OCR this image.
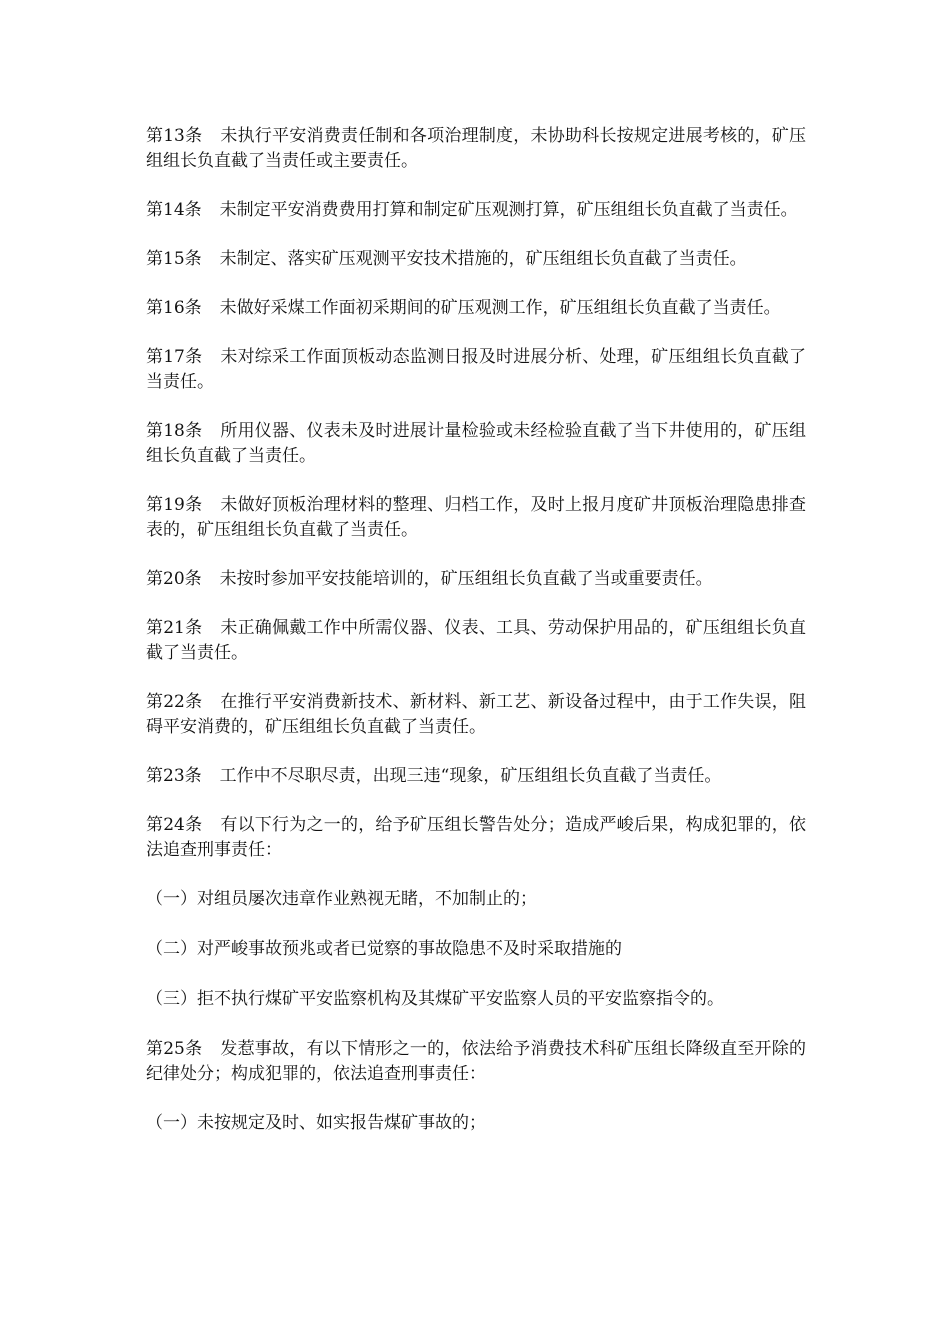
第13条 未执行平安消费责任制和各项治理制度，未协助科长按规定进展考核的，矿压组组长负直截了当责任或主要责任。

第14条 未制定平安消费费用打算和制定矿压观测打算，矿压组组长负直截了当责任。

第15条 未制定、落实矿压观测平安技术措施的，矿压组组长负直截了当责任。

第16条 未做好采煤工作面初采期间的矿压观测工作，矿压组组长负直截了当责任。

第17条 未对综采工作面顶板动态监测日报及时进展分析、处理，矿压组组长负直截了当责任。

第18条 所用仪器、仪表未及时进展计量检验或未经检验直截了当下井使用的，矿压组组长负直截了当责任。

第19条 未做好顶板治理材料的整理、归档工作，及时上报月度矿井顶板治理隐患排查表的，矿压组组长负直截了当责任。

第20条 未按时参加平安技能培训的，矿压组组长负直截了当或重要责任。

第21条 未正确佩戴工作中所需仪器、仪表、工具、劳动保护用品的，矿压组组长负直截了当责任。

第22条 在推行平安消费新技术、新材料、新工艺、新设备过程中，由于工作失误，阻碍平安消费的，矿压组组长负直截了当责任。

第23条 工作中不尽职尽责，出现三违“现象，矿压组组长负直截了当责任。

第24条 有以下行为之一的，给予矿压组长警告处分；造成严峻后果，构成犯罪的，依法追查刑事责任：

（一）对组员屡次违章作业熟视无睹，不加制止的；

（二）对严峻事故预兆或者已觉察的事故隐患不及时采取措施的

（三）拒不执行煤矿平安监察机构及其煤矿平安监察人员的平安监察指令的。

第25条 发惹事故，有以下情形之一的，依法给予消费技术科矿压组长降级直至开除的纪律处分；构成犯罪的，依法追查刑事责任：

（一）未按规定及时、如实报告煤矿事故的；
